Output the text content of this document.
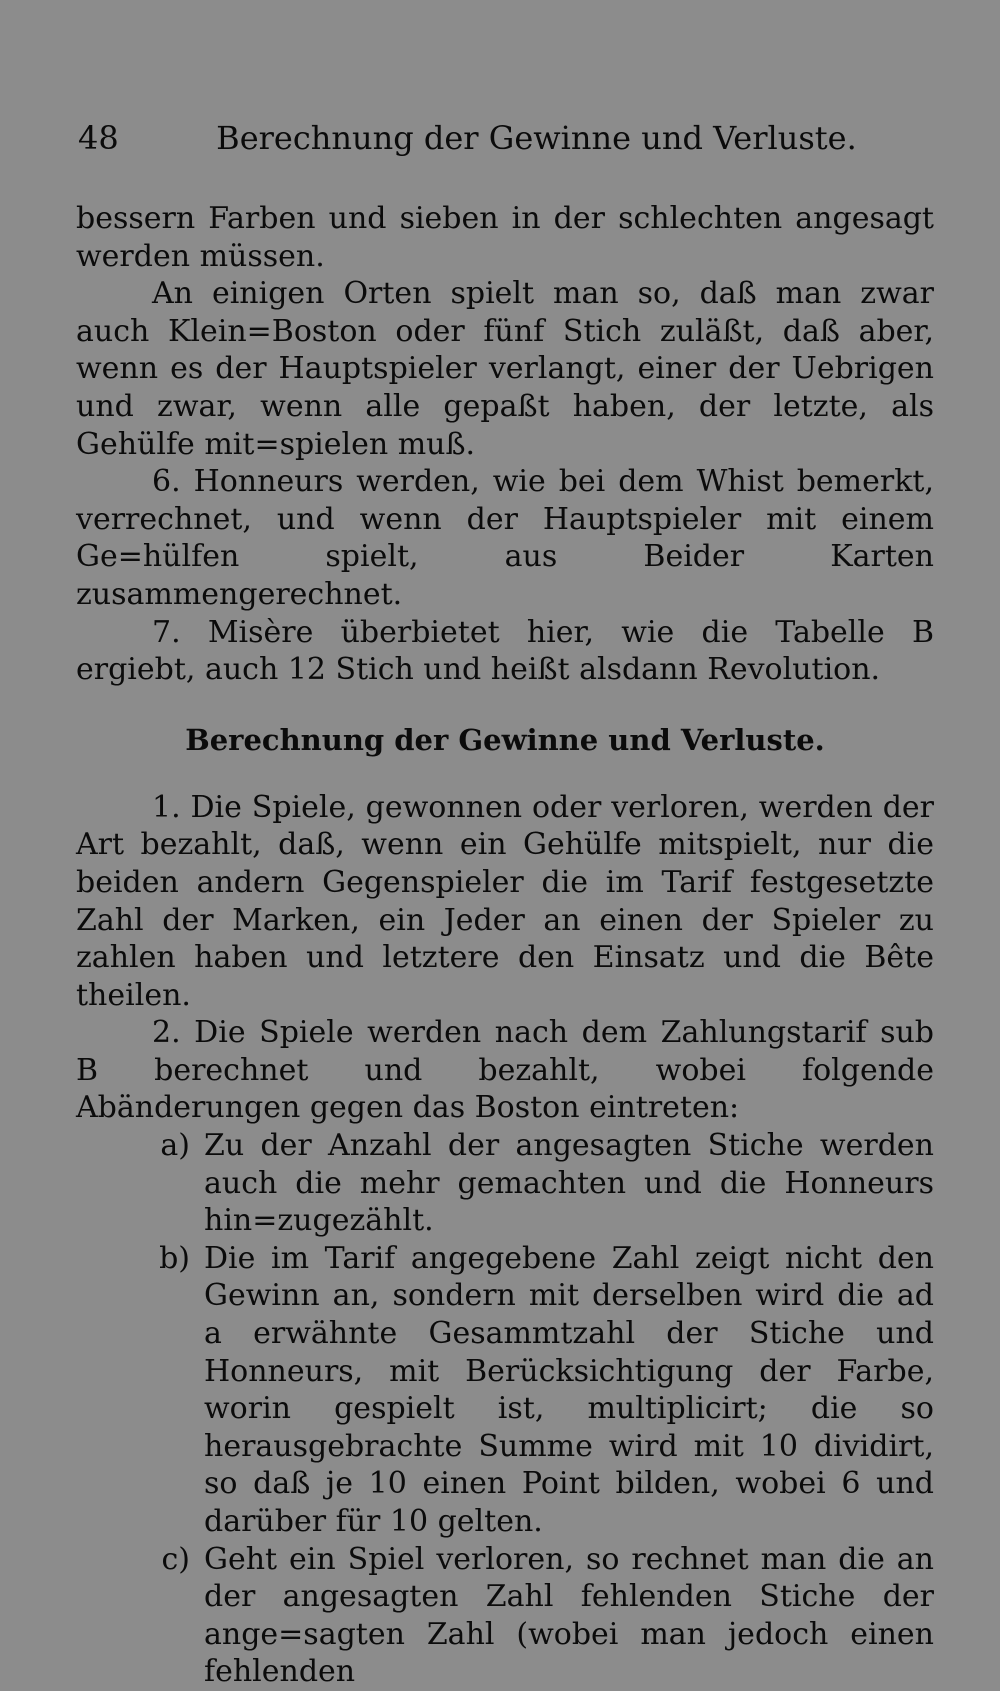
48	Berechnung der Gewinne und Verluste.

bessern Farben und sieben in der schlechten angesagt werden müssen.

An einigen Orten spielt man so, daß man zwar auch Klein=Boston oder fünf Stich zuläßt, daß aber, wenn es der Hauptspieler verlangt, einer der Uebrigen und zwar, wenn alle gepaßt haben, der letzte, als Gehülfe mit=spielen muß.

6. Honneurs werden, wie bei dem Whist bemerkt, verrechnet, und wenn der Hauptspieler mit einem Ge=hülfen spielt, aus Beider Karten zusammengerechnet.

7. Misère überbietet hier, wie die Tabelle B ergiebt, auch 12 Stich und heißt alsdann Revolution.

Berechnung der Gewinne und Verluste.

1. Die Spiele, gewonnen oder verloren, werden der Art bezahlt, daß, wenn ein Gehülfe mitspielt, nur die beiden andern Gegenspieler die im Tarif festgesetzte Zahl der Marken, ein Jeder an einen der Spieler zu zahlen haben und letztere den Einsatz und die Bête theilen.

2. Die Spiele werden nach dem Zahlungstarif sub B berechnet und bezahlt, wobei folgende Abänderungen gegen das Boston eintreten:

a) Zu der Anzahl der angesagten Stiche werden auch die mehr gemachten und die Honneurs hin=zugezählt.
b) Die im Tarif angegebene Zahl zeigt nicht den Gewinn an, sondern mit derselben wird die ad a erwähnte Gesammtzahl der Stiche und Honneurs, mit Berücksichtigung der Farbe, worin gespielt ist, multiplicirt; die so herausgebrachte Summe wird mit 10 dividirt, so daß je 10 einen Point bilden, wobei 6 und darüber für 10 gelten.
c) Geht ein Spiel verloren, so rechnet man die an der angesagten Zahl fehlenden Stiche der ange=sagten Zahl (wobei man jedoch einen fehlenden
